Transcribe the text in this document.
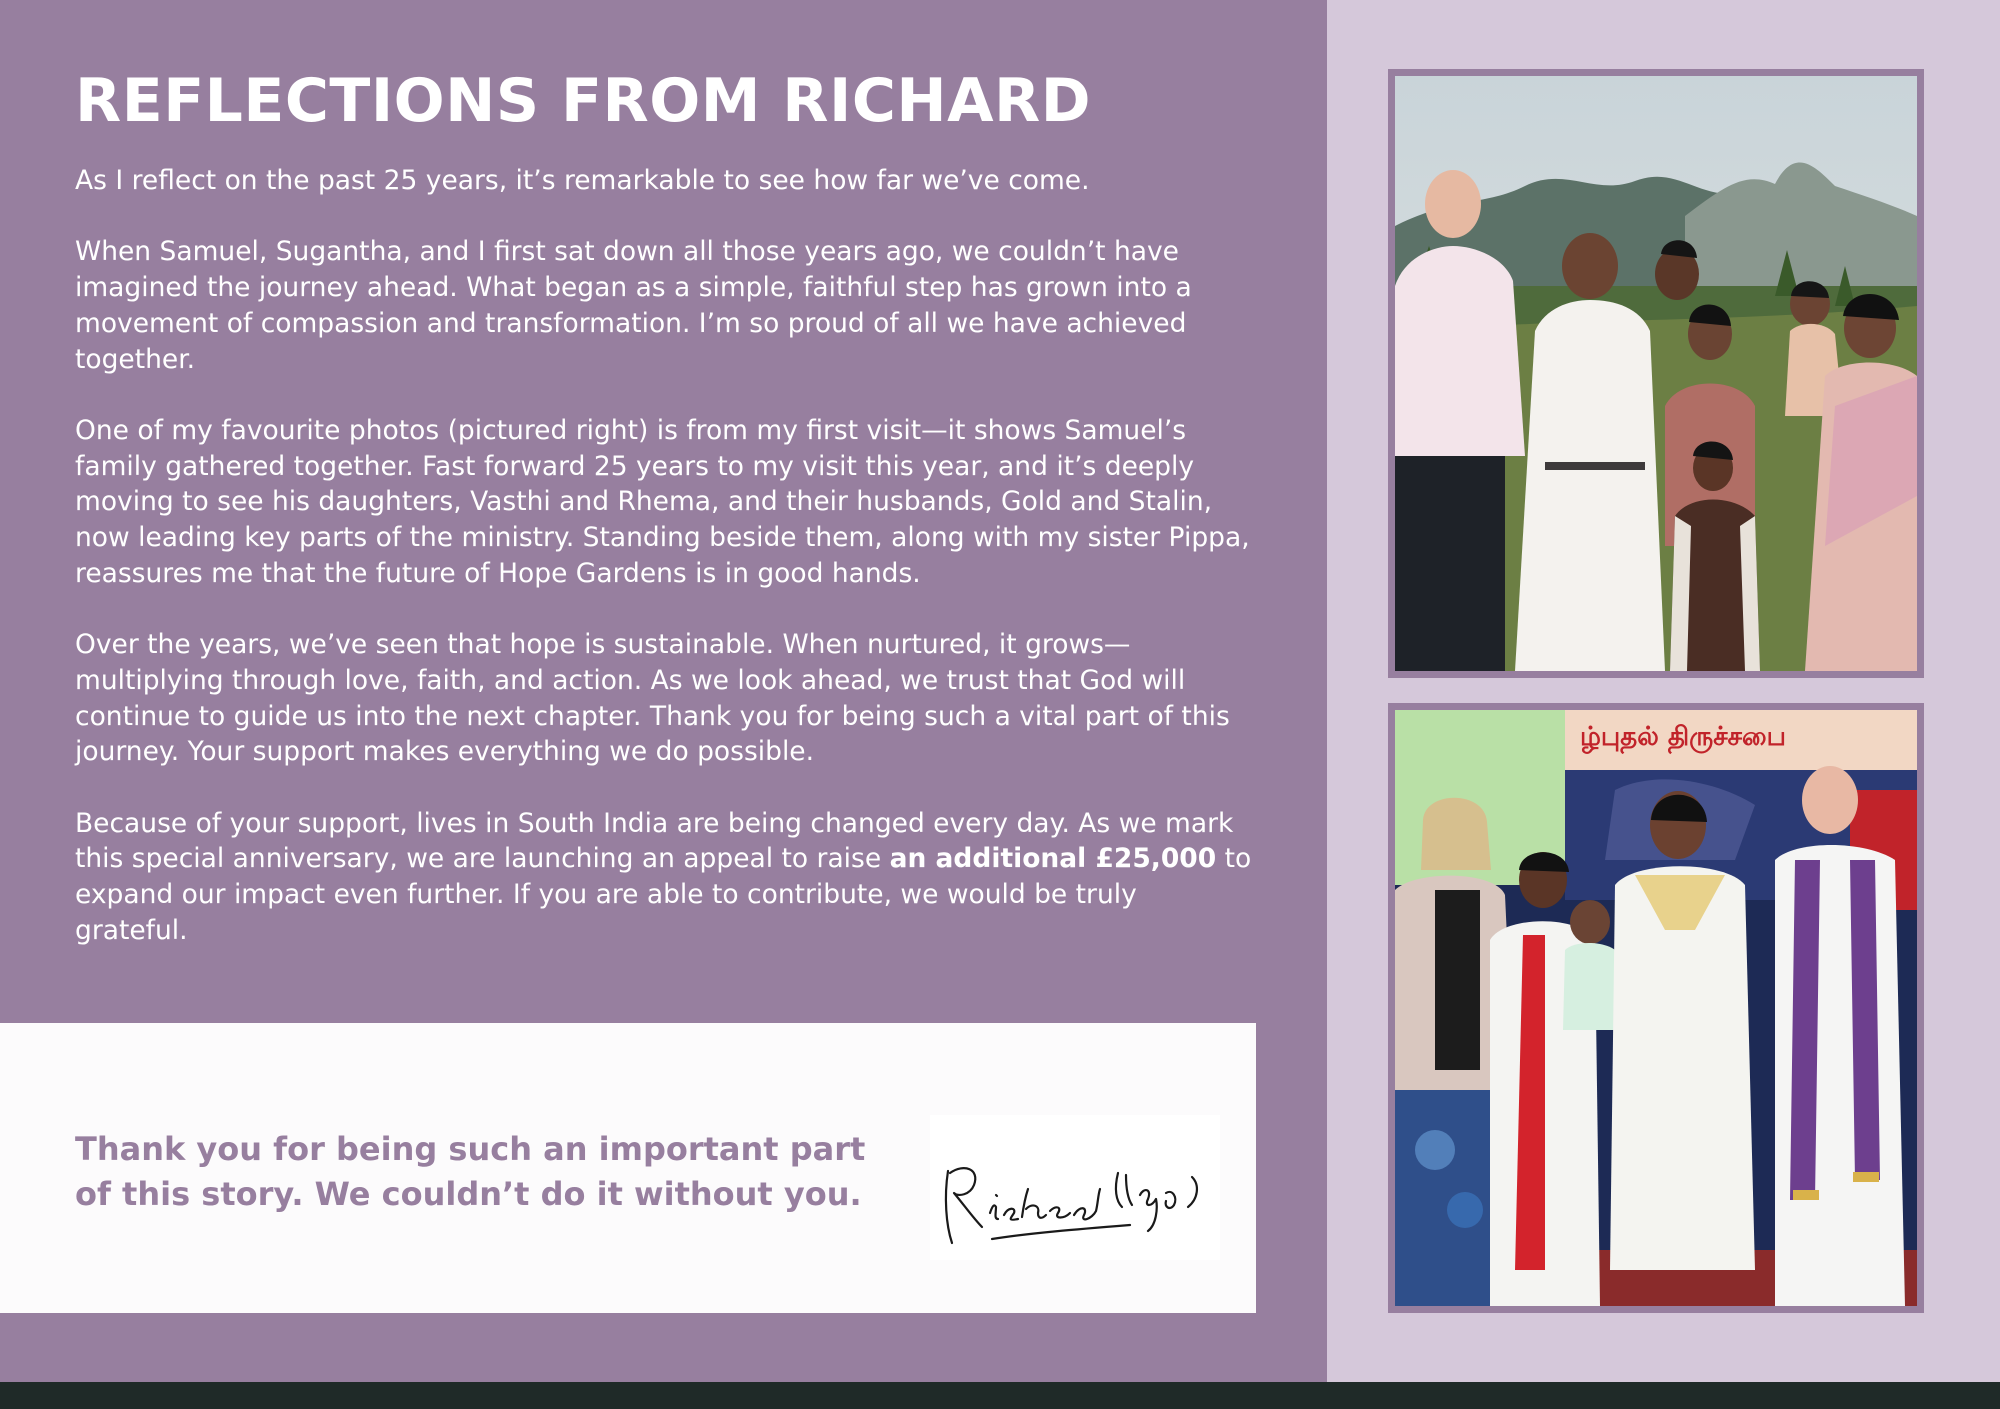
REFLECTIONS FROM RICHARD

As I reflect on the past 25 years, it’s remarkable to see how far we’ve come.

When Samuel, Sugantha, and I first sat down all those years ago, we couldn’t have imagined the journey ahead. What began as a simple, faithful step has grown into a movement of compassion and transformation. I’m so proud of all we have achieved together.

One of my favourite photos (pictured right) is from my first visit—it shows Samuel’s family gathered together. Fast forward 25 years to my visit this year, and it’s deeply moving to see his daughters, Vasthi and Rhema, and their husbands, Gold and Stalin, now leading key parts of the ministry. Standing beside them, along with my sister Pippa, reassures me that the future of Hope Gardens is in good hands.

Over the years, we’ve seen that hope is sustainable. When nurtured, it grows—multiplying through love, faith, and action. As we look ahead, we trust that God will continue to guide us into the next chapter. Thank you for being such a vital part of this journey. Your support makes everything we do possible.

Because of your support, lives in South India are being changed every day. As we mark this special anniversary, we are launching an appeal to raise an additional £25,000 to expand our impact even further. If you are able to contribute, we would be truly grateful.

Thank you for being such an important part
of this story. We couldn’t do it without you.

ழ்புதல் திருச்சபை
